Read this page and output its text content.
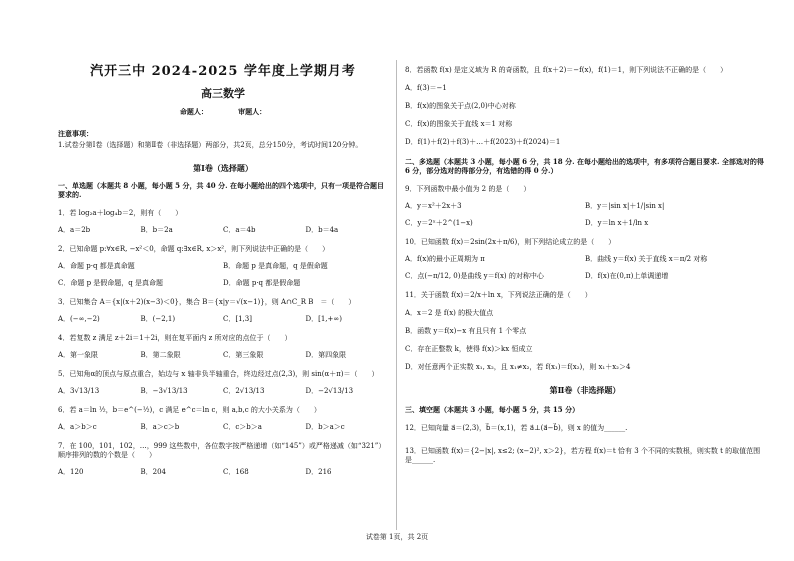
汽开三中 2024-2025 学年度上学期月考
高三数学
命题人：	审题人：
注意事项：
1.试卷分第Ⅰ卷（选择题）和第Ⅱ卷（非选择题）两部分，共2页，总分150分，考试时间120分钟。
第Ⅰ卷（选择题）
一、单选题（本题共 8 小题，每小题 5 分，共 40 分. 在每小题给出的四个选项中，只有一项是符合题目要求的.
1．若 log₂a＋log₄b＝2，则有（　　）
A．a＝2b	B．b＝2a	C．a＝4b	D．b＝4a
2．已知命题 p:∀x∈R, −x²＜0，命题 q:∃x∈R, x＞x²，则下列说法中正确的是（　　）
A．命题 p·q 都是真命题	B．命题 p 是真命题，q 是假命题
C．命题 p 是假命题，q 是真命题	D．命题 p·q 都是假命题
3．已知集合 A＝{x|(x＋2)(x−3)＜0}，集合 B＝{x|y＝√(x−1)}，则 A∩C_R B　＝（　　）
A．(−∞,−2)	B．(−2,1)	C．[1,3]	D．[1,+∞)
4．若复数 z 满足 z＋2i＝1＋2i，则在复平面内 z 所对应的点位于（　　）
A．第一象限	B．第二象限	C．第三象限	D．第四象限
5．已知角α的顶点与原点重合，始边与 x 轴非负半轴重合，终边经过点(2,3)，则 sin(α＋π)＝（　　）
A．3√13/13	B．−3√13/13	C．2√13/13	D．−2√13/13
6．若 a＝ln ½，b＝e^(−½)，c 满足 e^c＝ln c，则 a,b,c 的大小关系为（　　）
A．a＞b＞c	B．a＞c＞b	C．c＞b＞a	D．b＞a＞c
7．在 100，101，102，…，999 这些数中，各位数字按严格递增（如“145”）或严格递减（如“321”）顺序排列的数的个数是（　　）
A．120	B．204	C．168	D．216
8．若函数 f(x) 是定义域为 R 的奇函数，且 f(x＋2)＝−f(x)，f(1)＝1，则下列说法不正确的是（　　）
A．f(3)＝−1
B．f(x)的图象关于点(2,0)中心对称
C．f(x)的图象关于直线 x＝1 对称
D．f(1)＋f(2)＋f(3)＋…＋f(2023)＋f(2024)＝1
二、多选题（本题共 3 小题，每小题 6 分，共 18 分. 在每小题给出的选项中，有多项符合题目要求. 全部选对的得 6 分，部分选对的得部分分，有选错的得 0 分.）
9．下列函数中最小值为 2 的是（　　）
A．y＝x²＋2x＋3	B．y＝|sin x|＋1/|sin x|
C．y＝2ˣ＋2^(1−x)	D．y＝ln x＋1/ln x
10．已知函数 f(x)＝2sin(2x＋π/6)，则下列结论成立的是（　　）
A．f(x)的最小正周期为 π	B．曲线 y＝f(x) 关于直线 x＝π/2 对称
C．点(−π/12, 0)是曲线 y＝f(x) 的对称中心	D．f(x)在(0,π)上单调递增
11．关于函数 f(x)＝2/x＋ln x，下列说法正确的是（　　）
A．x＝2 是 f(x) 的极大值点
B．函数 y＝f(x)−x 有且只有 1 个零点
C．存在正整数 k，使得 f(x)＞kx 恒成立
D．对任意两个正实数 x₁, x₂，且 x₁≠x₂，若 f(x₁)＝f(x₂)，则 x₁＋x₂＞4
第Ⅱ卷（非选择题）
三、填空题（本题共 3 小题，每小题 5 分，共 15 分）
12．已知向量 a⃗＝(2,3)，b⃗＝(x,1)，若 a⃗⊥(a⃗−b⃗)，则 x 的值为______.
13．已知函数 f(x)＝{2−|x|, x≤2; (x−2)², x＞2}，若方程 f(x)＝t 恰有 3 个不同的实数根，则实数 t 的取值范围是______.
试卷第 1页，共 2页
